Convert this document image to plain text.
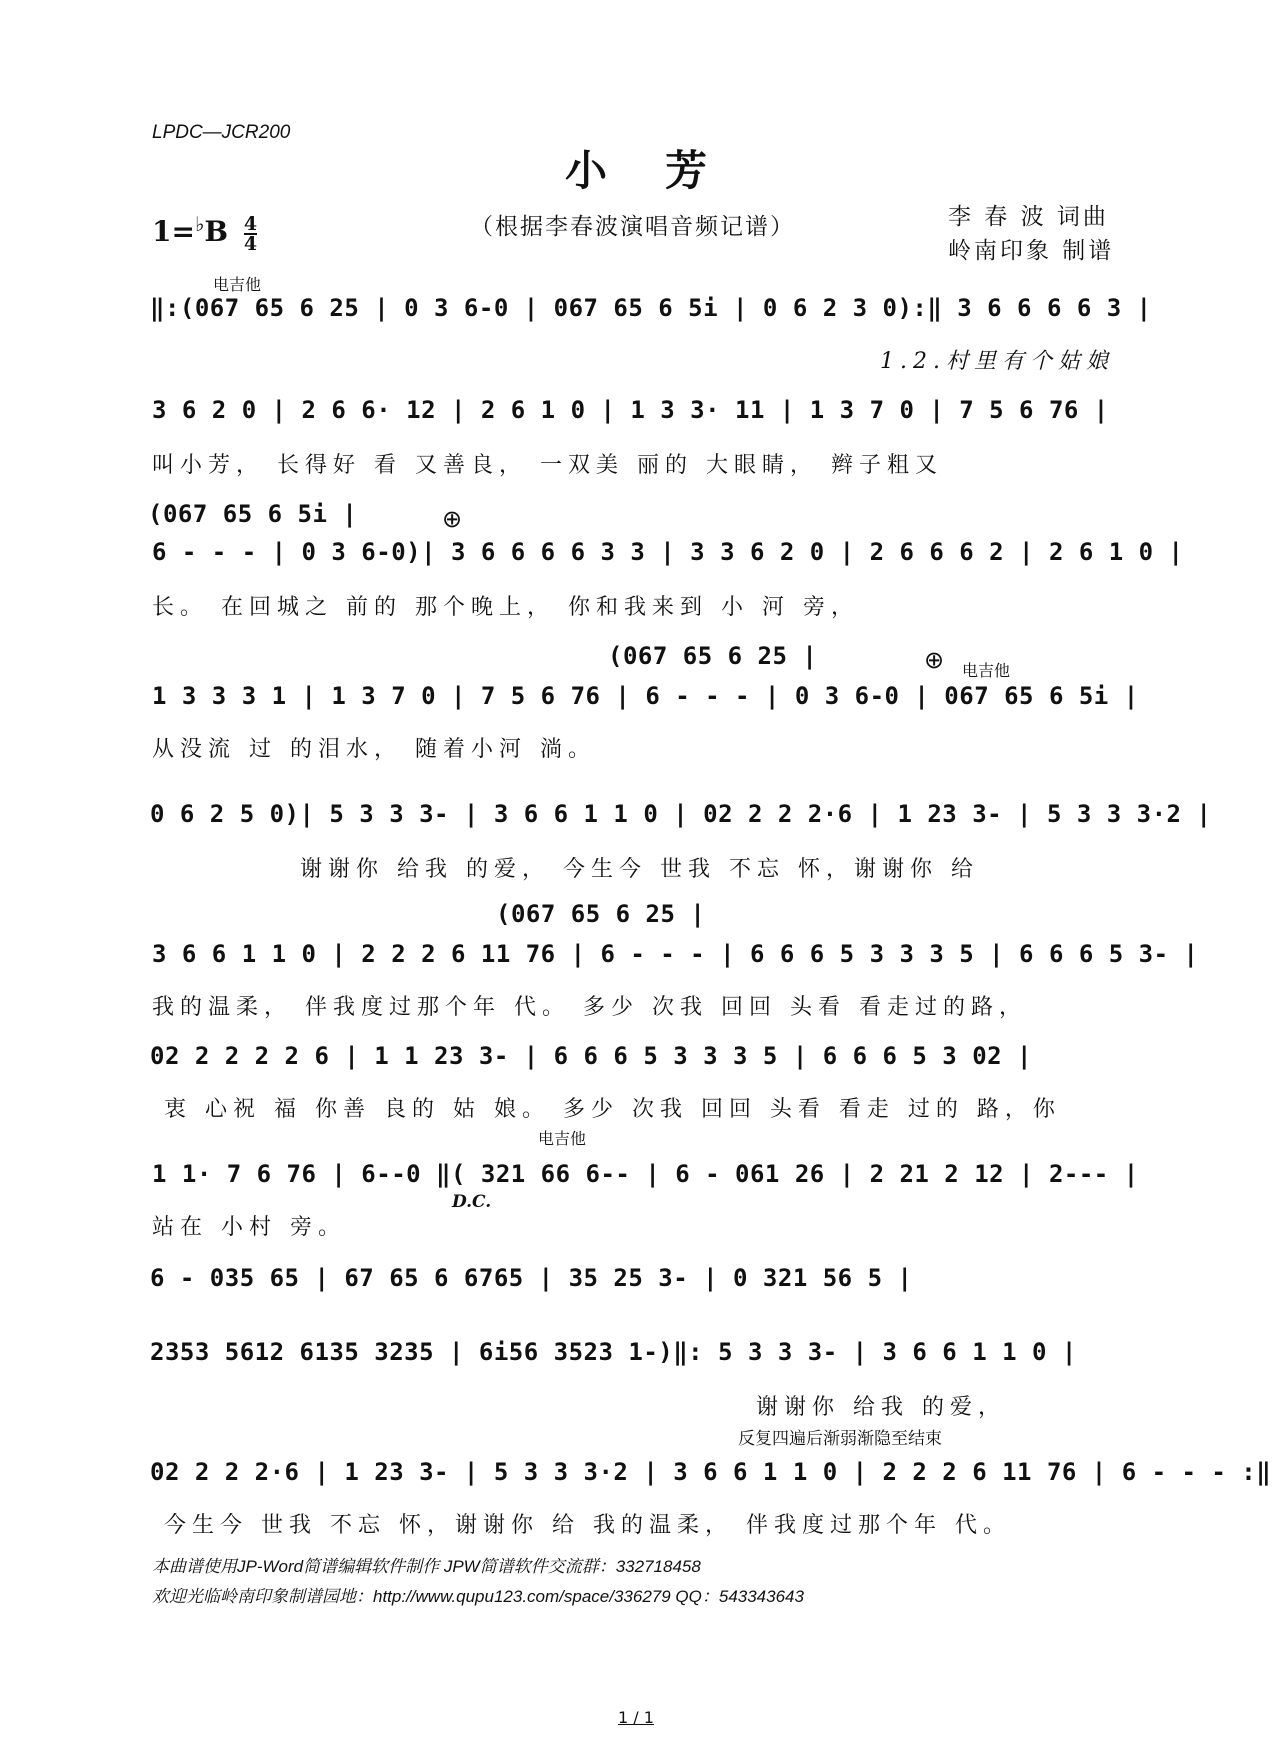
LPDC—JCR200
小芳
（根据李春波演唱音频记谱）	李 春 波 词曲
岭南印象 制谱
$1=^♭B \frac{4}{4}$
电吉他
‖:(067 65 6 25 | 0 3 6-0 | 067 65 6 5i | 0 6 2 3 0):‖ 3 6 6 6 6 3 |
1.2.村里有个姑娘
3 6 2 0 | 2 6 6· 12 | 2 6 1 0 | 1 3 3· 11 | 1 3 7 0 | 7 5 6 76 |
叫小芳， 长得好 看 又善良， 一双美 丽的 大眼睛， 辫子粗又
(067 65 6 5i |	⊕
6 - - - | 0 3 6-0)| 3 6 6 6 6 3 3 | 3 3 6 2 0 | 2 6 6 6 2 | 2 6 1 0 |
长。 在回城之 前的 那个晚上， 你和我来到 小 河 旁，
(067 65 6 25 |	⊕ 电吉他
1 3 3 3 1 | 1 3 7 0 | 7 5 6 76 | 6 - - - | 0 3 6-0 | 067 65 6 5i |
从没流 过 的泪水， 随着小河 淌。
0 6 2 5 0)| 5 3 3 3- | 3 6 6 1 1 0 | 02 2 2 2·6 | 1 23 3- | 5 3 3 3·2 |
谢谢你 给我 的爱， 今生今 世我 不忘 怀，谢谢你 给
(067 65 6 25 |
3 6 6 1 1 0 | 2 2 2 6 11 76 | 6 - - - | 6 6 6 5 3 3 3 5 | 6 6 6 5 3- |
我的温柔， 伴我度过那个年 代。 多少 次我 回回 头看 看走过的路，
02 2 2 2 2 6 | 1 1 23 3- | 6 6 6 5 3 3 3 5 | 6 6 6 5 3 02 |
衷 心祝 福 你善 良的 姑 娘。 多少 次我 回回 头看 看走 过的 路，你
电吉他
1 1· 7 6 76 | 6--0 ‖( 321 66 6-- | 6 - 061 26 | 2 21 2 12 | 2--- |
D.C.
站在 小村 旁。
6 - 035 65 | 67 65 6 6765 | 35 25 3- | 0 321 56 5 |
2353 5612 6135 3235 | 6i56 3523 1-)‖: 5 3 3 3- | 3 6 6 1 1 0 |
谢谢你 给我 的爱，
反复四遍后渐弱渐隐至结束
02 2 2 2·6 | 1 23 3- | 5 3 3 3·2 | 3 6 6 1 1 0 | 2 2 2 6 11 76 | 6 - - - :‖
今生今 世我 不忘 怀，谢谢你 给 我的温柔， 伴我度过那个年 代。
本曲谱使用JP-Word简谱编辑软件制作 JPW简谱软件交流群：332718458
欢迎光临岭南印象制谱园地：http://www.qupu123.com/space/336279 QQ：543343643
1 / 1
